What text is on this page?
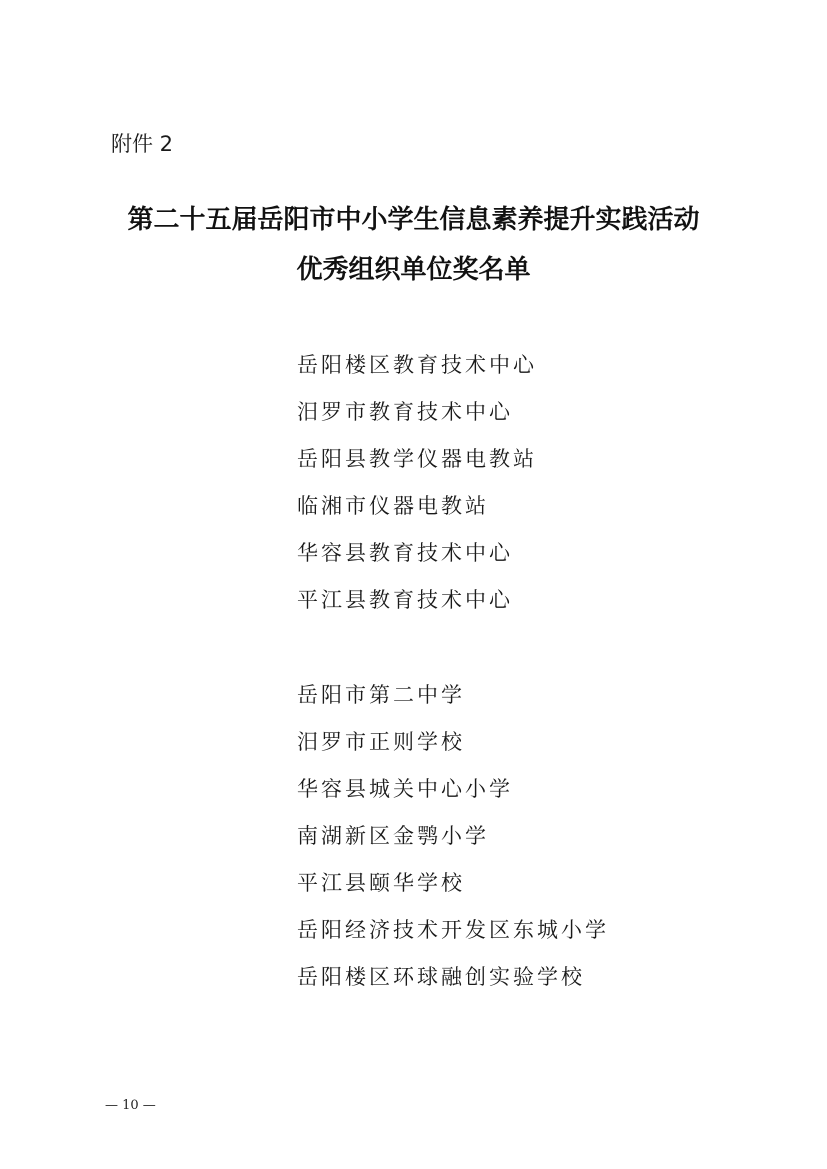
附件 2
第二十五届岳阳市中小学生信息素养提升实践活动
优秀组织单位奖名单
岳阳楼区教育技术中心
汨罗市教育技术中心
岳阳县教学仪器电教站
临湘市仪器电教站
华容县教育技术中心
平江县教育技术中心
岳阳市第二中学
汨罗市正则学校
华容县城关中心小学
南湖新区金鹗小学
平江县颐华学校
岳阳经济技术开发区东城小学
岳阳楼区环球融创实验学校
— 10 —
